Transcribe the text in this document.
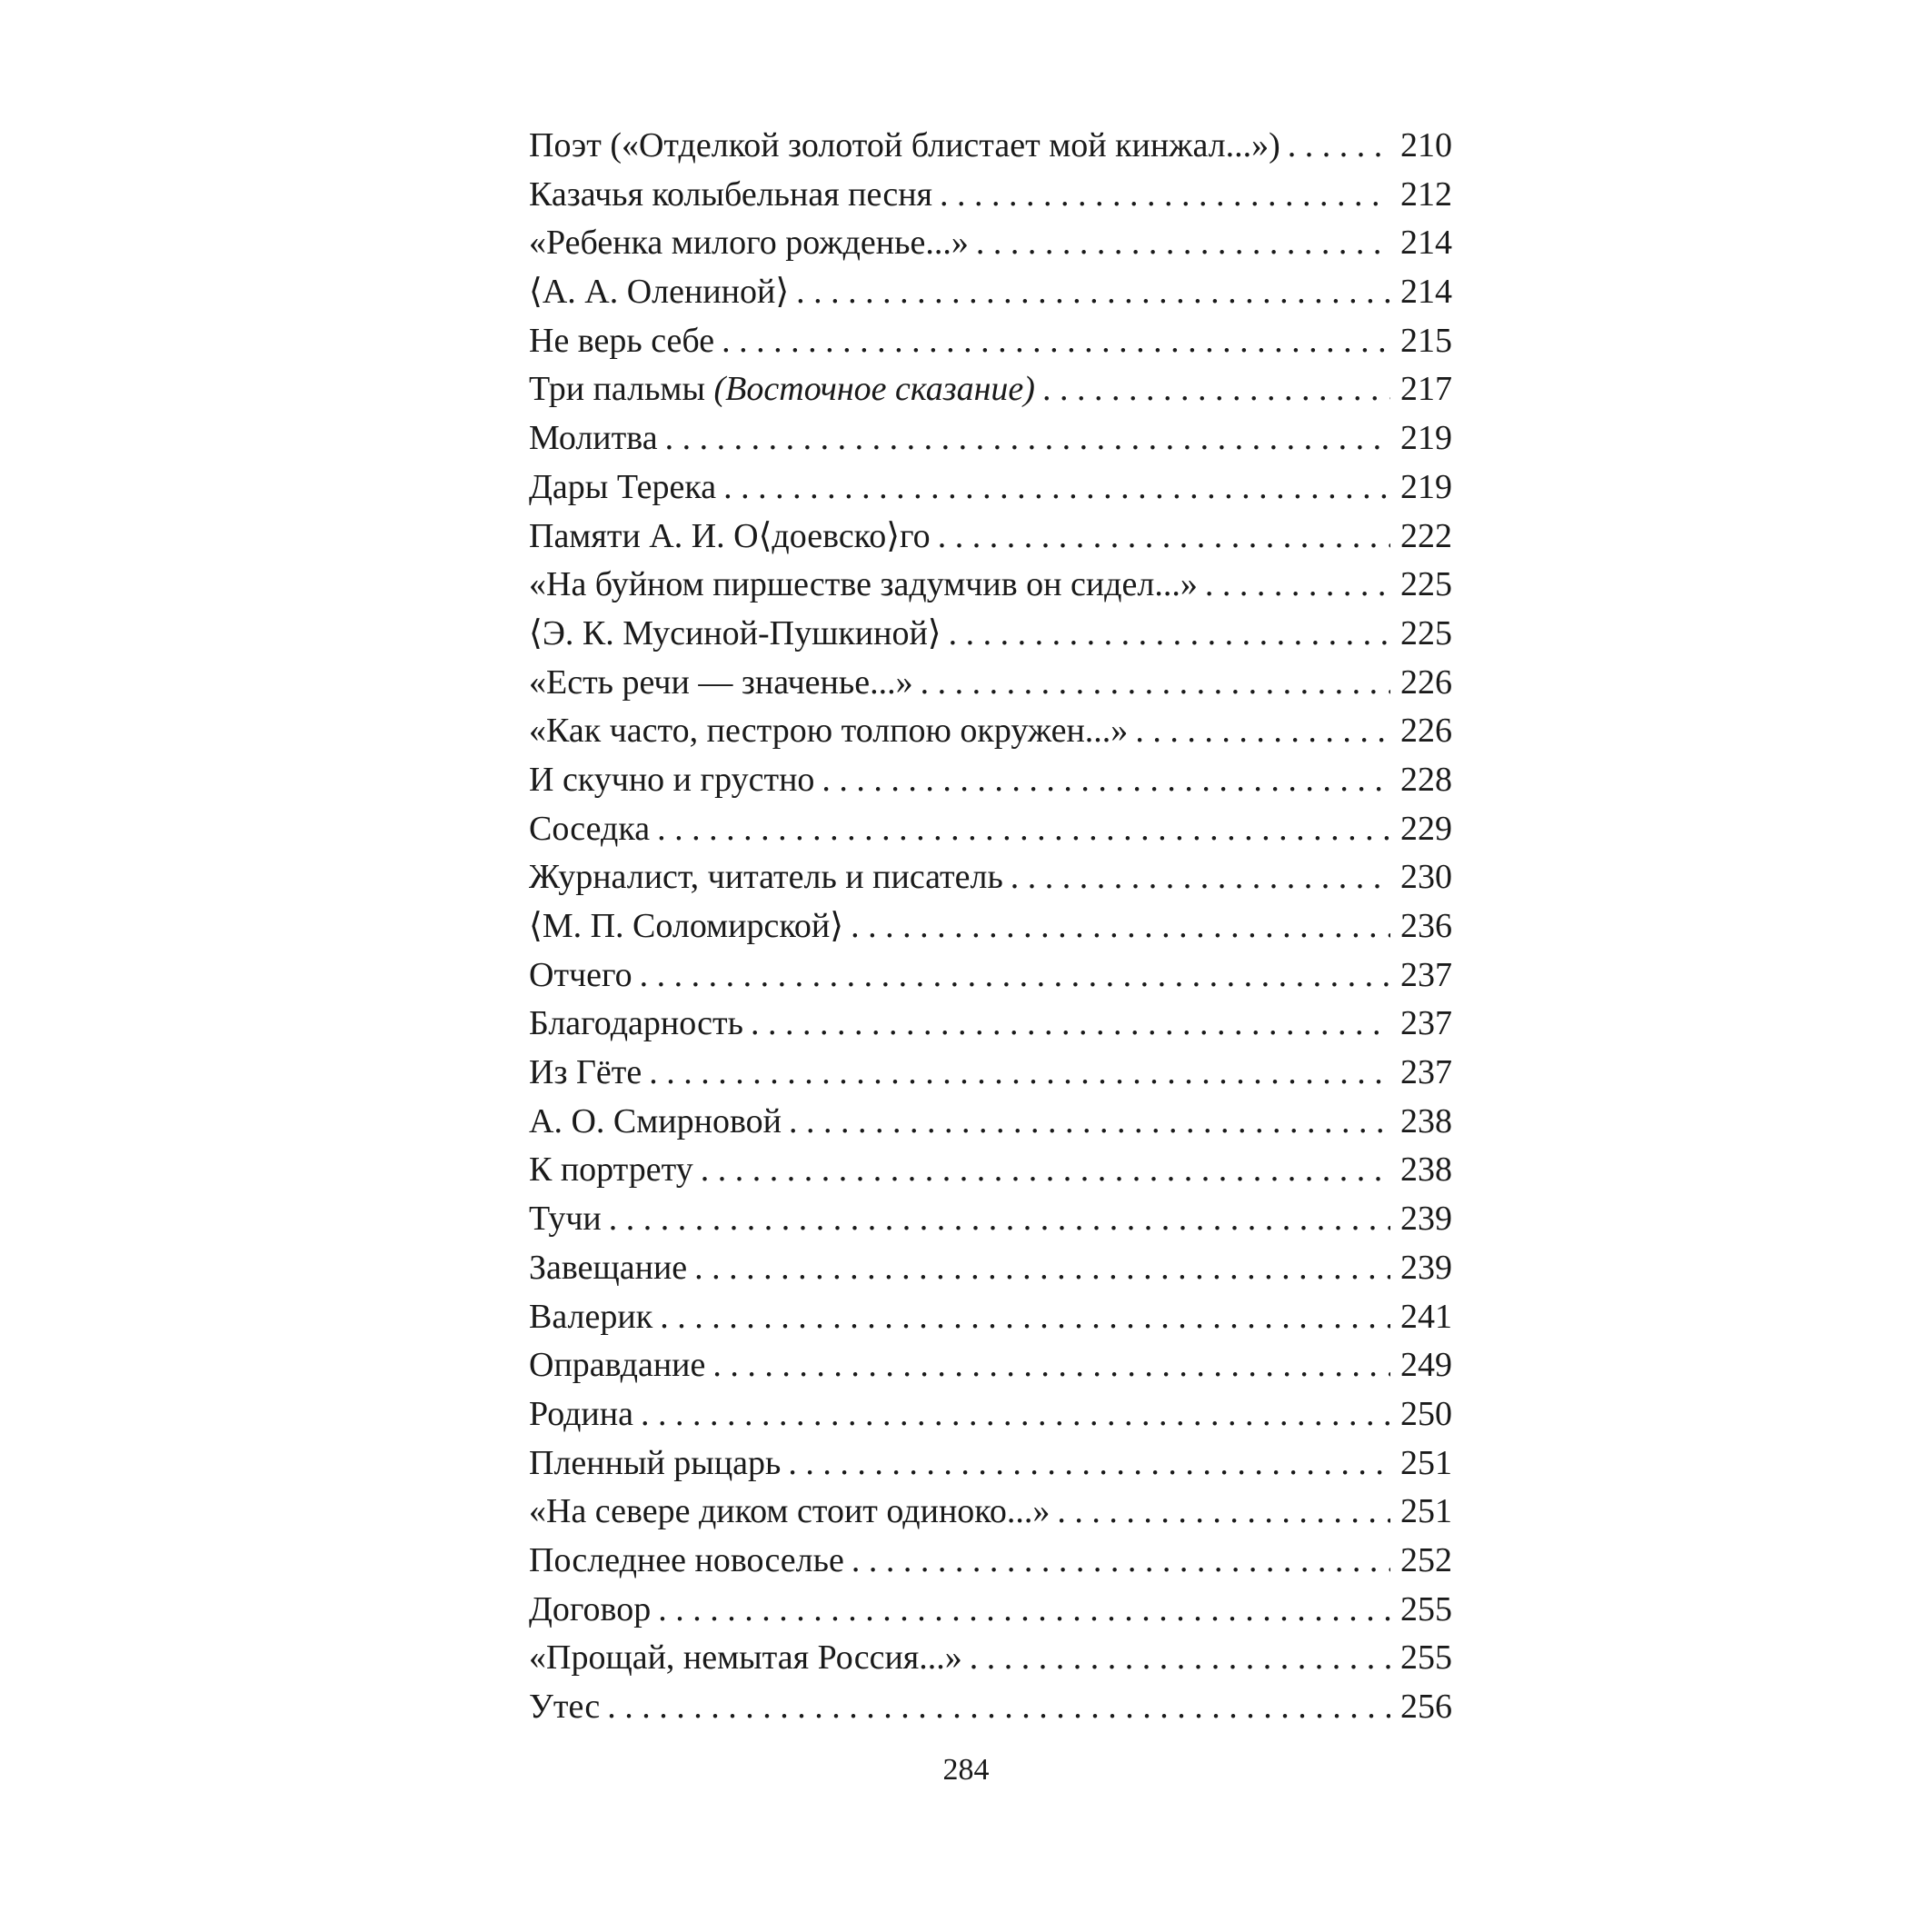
Поэт («Отделкой золотой блистает мой кинжал...») . . .	210
Казачья колыбельная песня . . .	212
«Ребенка милого рожденье...» . . .	214
⟨А. А. Олениной⟩ . . .	214
Не верь себе . . .	215
Три пальмы (Восточное сказание) . . .	217
Молитва . . .	219
Дары Терека . . .	219
Памяти А. И. О⟨доевско⟩го . . .	222
«На буйном пиршестве задумчив он сидел...» . . .	225
⟨Э. К. Мусиной-Пушкиной⟩ . . .	225
«Есть речи — значенье...» . . .	226
«Как часто, пестрою толпою окружен...» . . .	226
И скучно и грустно . . .	228
Соседка . . .	229
Журналист, читатель и писатель . . .	230
⟨М. П. Соломирской⟩ . . .	236
Отчего . . .	237
Благодарность . . .	237
Из Гёте . . .	237
А. О. Смирновой . . .	238
К портрету . . .	238
Тучи . . .	239
Завещание . . .	239
Валерик . . .	241
Оправдание . . .	249
Родина . . .	250
Пленный рыцарь . . .	251
«На севере диком стоит одиноко...» . . .	251
Последнее новоселье . . .	252
Договор . . .	255
«Прощай, немытая Россия...» . . .	255
Утес . . .	256
284
